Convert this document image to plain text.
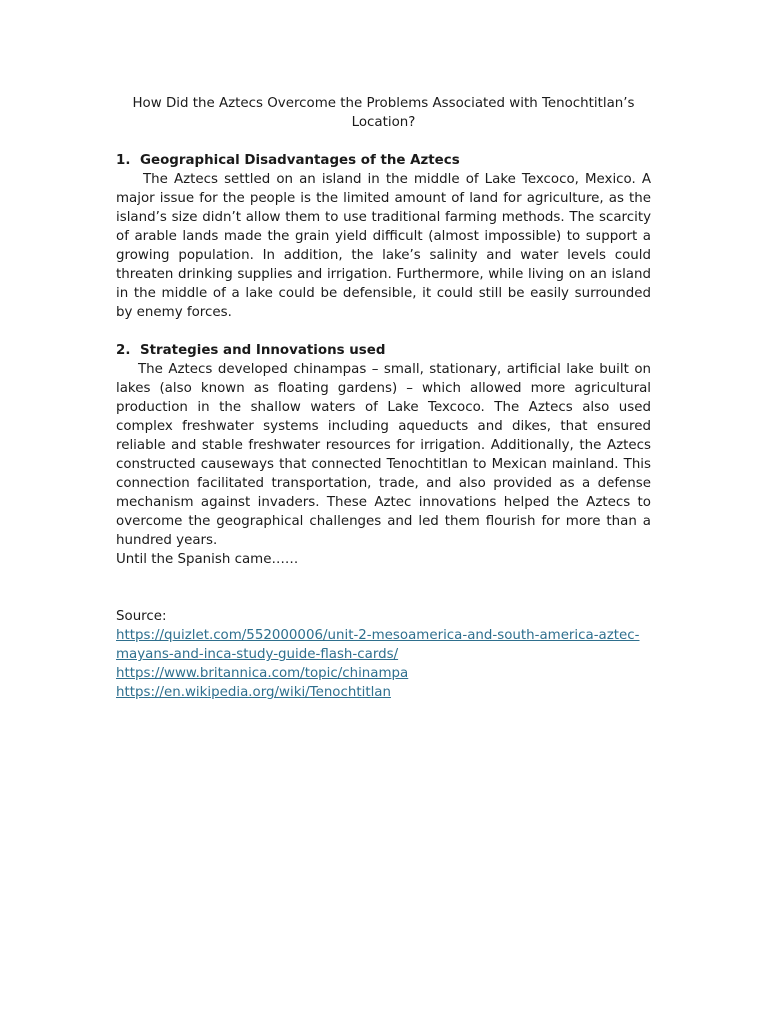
How Did the Aztecs Overcome the Problems Associated with Tenochtitlan’s Location?

1. Geographical Disadvantages of the Aztecs

The Aztecs settled on an island in the middle of Lake Texcoco, Mexico. A major issue for the people is the limited amount of land for agriculture, as the island’s size didn’t allow them to use traditional farming methods. The scarcity of arable lands made the grain yield difficult (almost impossible) to support a growing population. In addition, the lake’s salinity and water levels could threaten drinking supplies and irrigation. Furthermore, while living on an island in the middle of a lake could be defensible, it could still be easily surrounded by enemy forces.

2. Strategies and Innovations used

The Aztecs developed chinampas – small, stationary, artificial lake built on lakes (also known as floating gardens) – which allowed more agricultural production in the shallow waters of Lake Texcoco. The Aztecs also used complex freshwater systems including aqueducts and dikes, that ensured reliable and stable freshwater resources for irrigation. Additionally, the Aztecs constructed causeways that connected Tenochtitlan to Mexican mainland. This connection facilitated transportation, trade, and also provided as a defense mechanism against invaders. These Aztec innovations helped the Aztecs to overcome the geographical challenges and led them flourish for more than a hundred years.

Until the Spanish came……

Source:

https://quizlet.com/552000006/unit-2-mesoamerica-and-south-america-aztec-mayans-and-inca-study-guide-flash-cards/
https://www.britannica.com/topic/chinampa
https://en.wikipedia.org/wiki/Tenochtitlan
